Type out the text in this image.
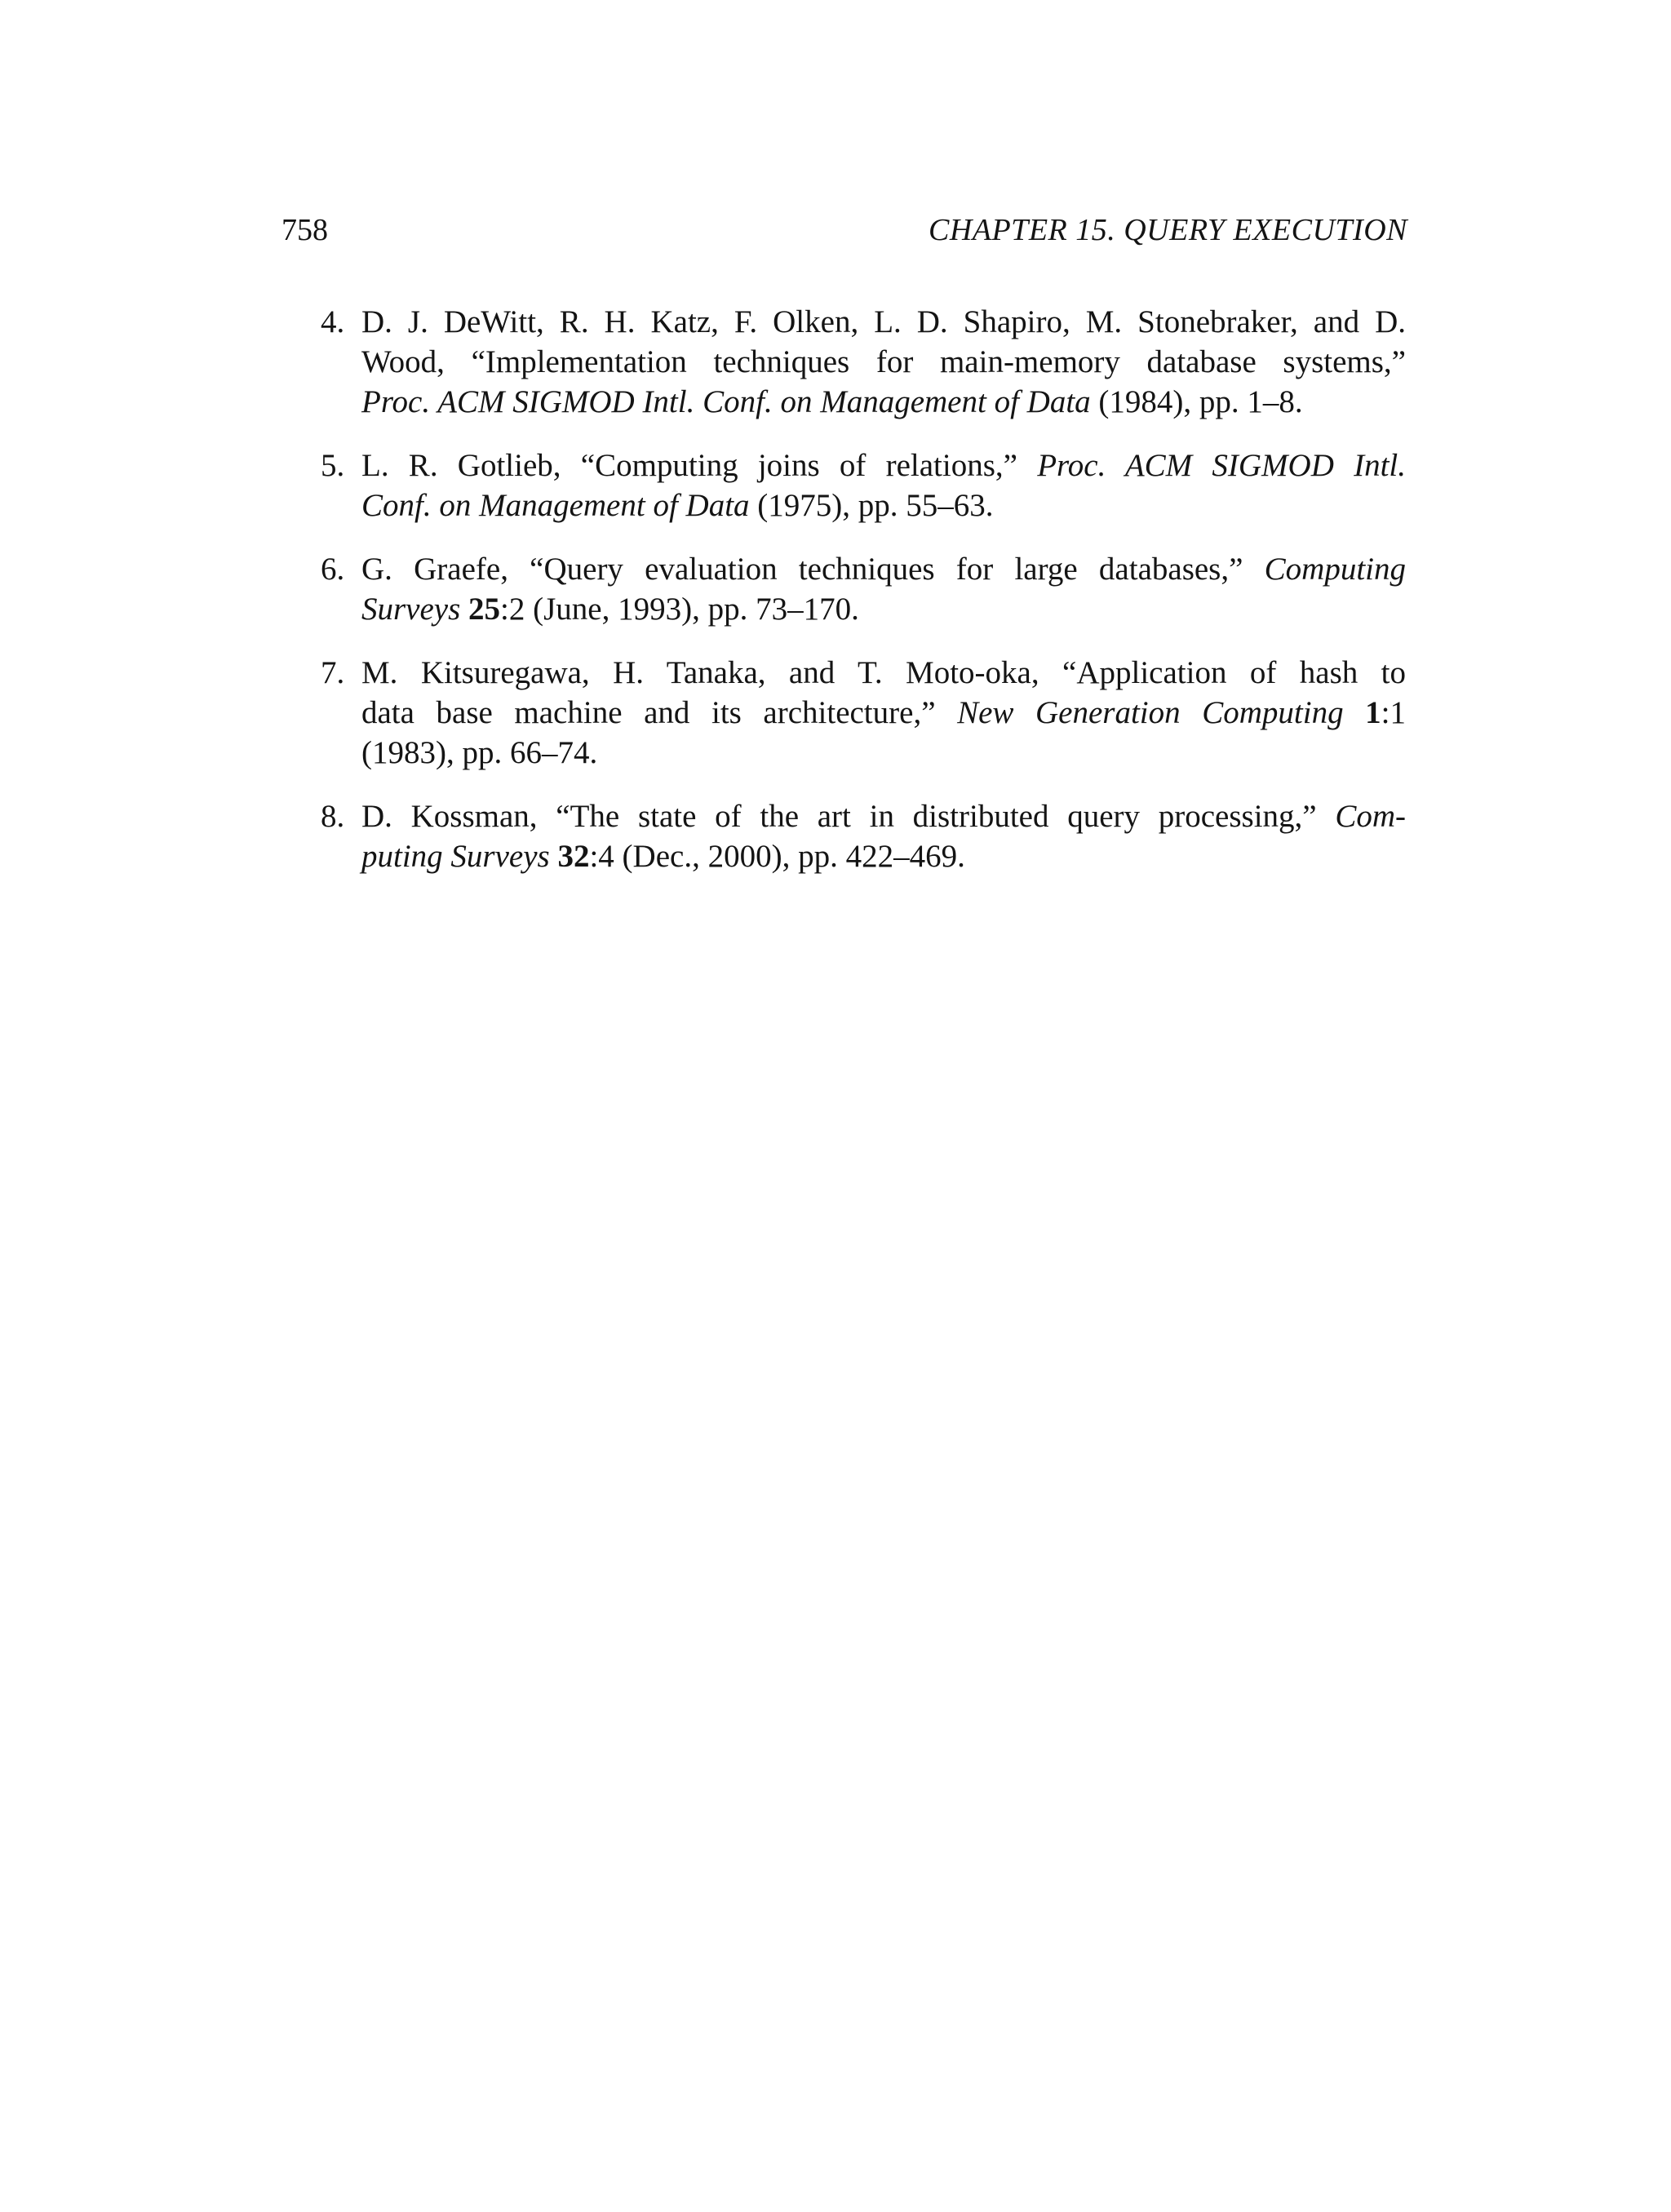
758	CHAPTER 15. QUERY EXECUTION
4. D. J. DeWitt, R. H. Katz, F. Olken, L. D. Shapiro, M. Stonebraker, and D.
Wood, “Implementation techniques for main-memory database systems,”
Proc. ACM SIGMOD Intl. Conf. on Management of Data (1984), pp. 1–8.
5. L. R. Gotlieb, “Computing joins of relations,” Proc. ACM SIGMOD Intl.
Conf. on Management of Data (1975), pp. 55–63.
6. G. Graefe, “Query evaluation techniques for large databases,” Computing
Surveys 25:2 (June, 1993), pp. 73–170.
7. M. Kitsuregawa, H. Tanaka, and T. Moto-oka, “Application of hash to
data base machine and its architecture,” New Generation Computing 1:1
(1983), pp. 66–74.
8. D. Kossman, “The state of the art in distributed query processing,” Com-
puting Surveys 32:4 (Dec., 2000), pp. 422–469.
